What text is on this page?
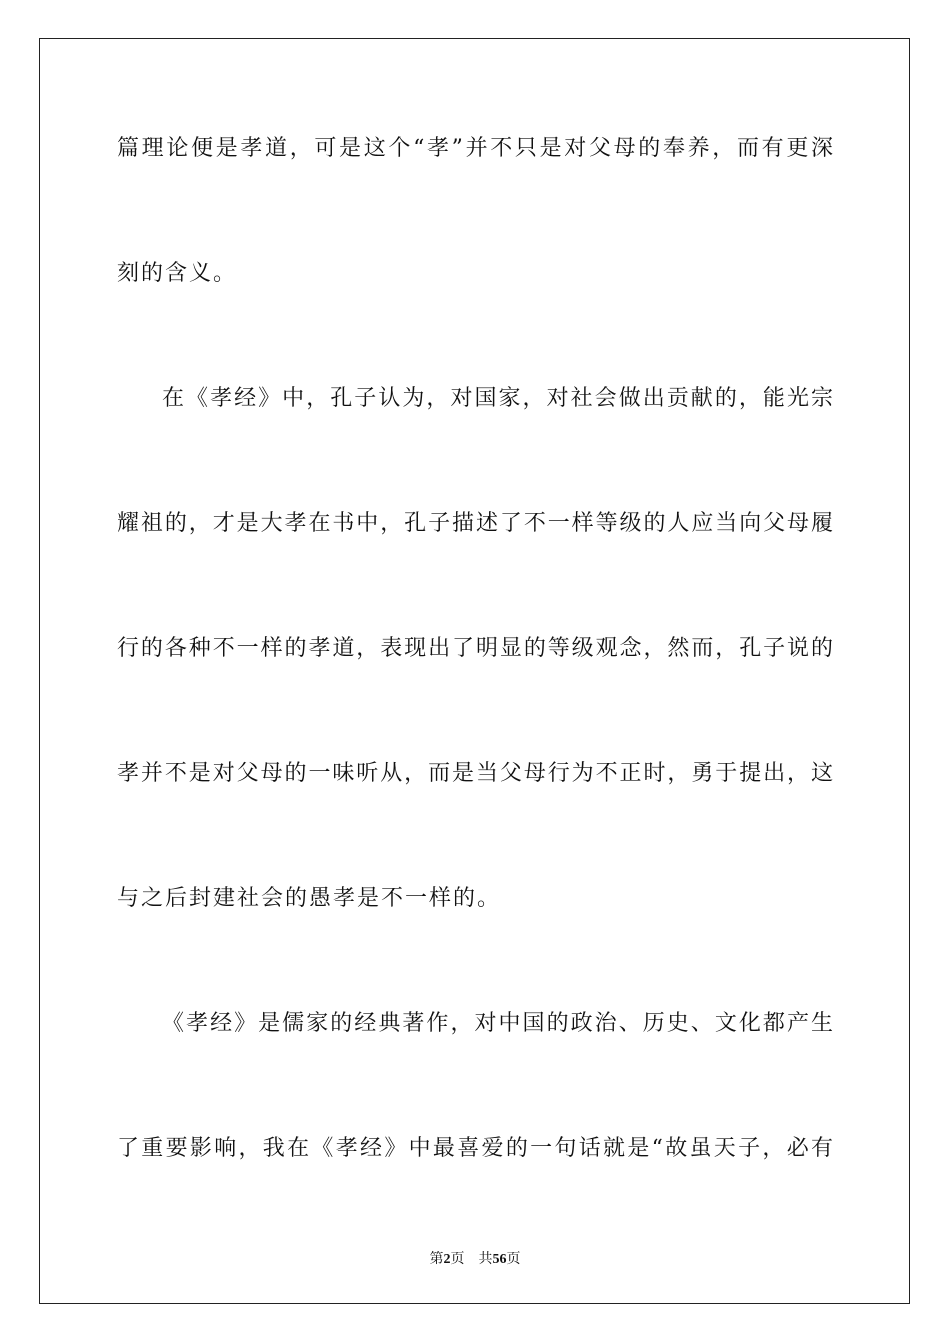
篇理论便是孝道，可是这个“孝”并不只是对父母的奉养，而有更深
刻的含义。
在《孝经》中，孔子认为，对国家，对社会做出贡献的，能光宗
耀祖的，才是大孝在书中，孔子描述了不一样等级的人应当向父母履
行的各种不一样的孝道，表现出了明显的等级观念，然而，孔子说的
孝并不是对父母的一味听从，而是当父母行为不正时，勇于提出，这
与之后封建社会的愚孝是不一样的。
《孝经》是儒家的经典著作，对中国的政治、历史、文化都产生
了重要影响，我在《孝经》中最喜爱的一句话就是“故虽天子，必有
第2页 共56页
